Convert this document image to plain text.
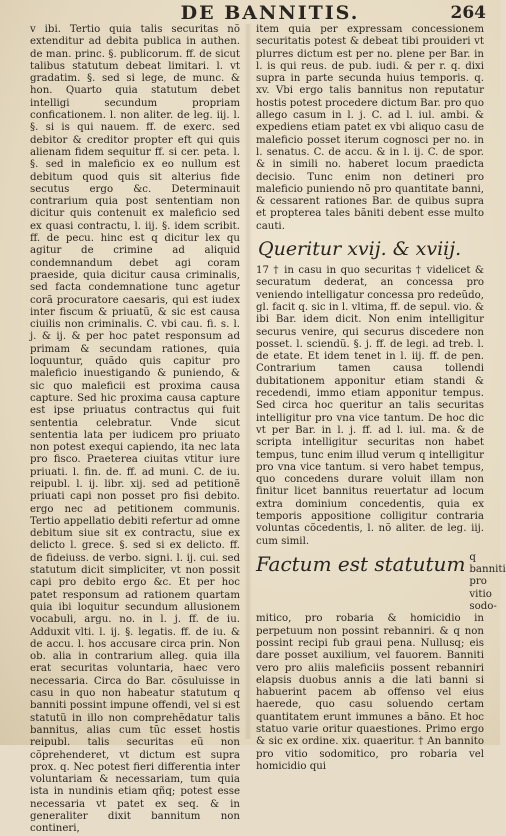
DE BANNITIS.	264

v ibi. Tertio quia talis securitas nõ extenditur ad debita publica in authen. de man. princ. §. publicorum. ff. de sicut talibus statutum debeat limitari. l. vt gradatim. §. sed si lege, de munc. & hon. Quarto quia statutum debet intelligi secundum propriam conficationem. l. non aliter. de leg. iij. l. §. si is qui nauem. ff. de exerc. sed debitor & creditor propter eft qui quis alienam fidem sequitur ff. si cer. peta. l. §. sed in maleficio ex eo nullum est debitum quod quis sit alterius fide secutus ergo &c. Determinauit contrarium quia post sententiam non dicitur quis contenuit ex maleficio sed ex quasi contractu, l. iij. §. idem scribit. ff. de pecu. hinc est q dicitur lex qu agitur de crimine ad aliquid condemnandum debet agi coram praeside, quia dicitur causa criminalis, sed facta condemnatione tunc agetur corã procuratore caesaris, qui est iudex inter fiscum & priuatũ, & sic est causa ciuilis non criminalis. C. vbi cau. fi. s. l. j. & ij. & per hoc patet responsum ad primam & secundam rationes, quia loquuntur, quãdo quis capitur pro maleficio inuestigando & puniendo, & sic quo maleficii est proxima causa capture. Sed hic proxima causa capture est ipse priuatus contractus qui fuit sententia celebratur. Vnde sicut sententia lata per iudicem pro priuato non potest exequi capiendo, ita nec lata pro fisco. Praeterea ciuitas vtitur iure priuati. l. fin. de. ff. ad muni. C. de iu. reipubl. l. ij. libr. xij. sed ad petitionẽ priuati capi non posset pro fisi debito. ergo nec ad petitionem communis. Tertio appellatio debiti refertur ad omne debitum siue sit ex contractu, siue ex delicto l. grece. §. sed si ex delicto. ff. de fideiuss. de verbo. signi. l. ij. cui. sed statutum dicit simpliciter, vt non possit capi pro debito ergo &c. Et per hoc patet responsum ad rationem quartam quia ibi loquitur secundum allusionem vocabuli, argu. no. in l. j. ff. de iu. Adduxit vlti. l. ij. §. legatis. ff. de iu. & de accu. l. hos accusare circa prin. Non ob. alia in contrarium alleg. quia illa erat securitas voluntaria, haec vero necessaria. Circa do Bar. cõsuluisse in casu in quo non habeatur statutum q banniti possint impune offendi, vel si est statutũ in illo non comprehẽdatur talis bannitus, alias cum tũc esset hostis reipubl. talis securitas eũ non cõprehenderet, vt dictum est supra prox. q. Nec potest fieri differentia inter voluntariam & necessariam, tum quia ista in nundinis etiam qñq; potest esse necessaria vt patet ex seq. & in generaliter dixit bannitum non contineri,

item quia per expressam concessionem securitatis potest & debeat tibi prouideri vt plurres dictum est per no. plene per Bar. in l. is qui reus. de pub. iudi. & per r. q. dixi supra in parte secunda huius temporis. q. xv. Vbi ergo talis bannitus non reputatur hostis potest procedere dictum Bar. pro quo allego casum in l. j. C. ad l. iul. ambi. & expediens etiam patet ex vbi aliquo casu de maleficio posset iterum cognosci per no. in l. senatus. C. de accu. & in l. ij. C. de spor. & in simili no. haberet locum praedicta decisio. Tunc enim non detineri pro maleficio puniendo nõ pro quantitate banni, & cessarent rationes Bar. de quibus supra et propterea tales bãniti debent esse multo cauti.

Queritur xvij. & xviij.

17 † in casu in quo securitas † videlicet & securatum dederat, an concessa pro veniendo intelligatur concessa pro redeũdo, gl. facit q. sic in l. vltima, ff. de sepul. vio. & ibi Bar. idem dicit. Non enim intelligitur securus venire, qui securus discedere non posset. l. sciendũ. §. j. ff. de legi. ad treb. l. de etate. Et idem tenet in l. iij. ff. de pen. Contrarium tamen causa tollendi dubitationem apponitur etiam standi & recedendi, immo etiam apponitur tempus. Sed circa hoc queritur an talis securitas intelligitur pro vna vice tantum. De hoc dic vt per Bar. in l. j. ff. ad l. iul. ma. & de scripta intelligitur securitas non habet tempus, tunc enim illud verum q intelligitur pro vna vice tantum. si vero habet tempus, quo concedens durare voluit illam non finitur licet bannitus reuertatur ad locum extra dominium concedentis, quia ex temporis appositione colligitur contraria voluntas cõcedentis, l. nõ aliter. de leg. iij. cum simil.

Factum est statutum q banniti pro vitio sodo-

mitico, pro robaria & homicidio in perpetuum non possint rebanniri. & q non possint recipi fub graui pena. Nullusq; eis dare posset auxilium, vel fauorem. Banniti vero pro aliis maleficiis possent rebanniri elapsis duobus annis a die lati banni si habuerint pacem ab offenso vel eius haerede, quo casu soluendo certam quantitatem erunt immunes a bãno. Et hoc statuo varie oritur quaestiones. Primo ergo & sic ex ordine. xix. quaeritur. † An bannito pro vitio sodomitico, pro robaria vel homicidio qui
